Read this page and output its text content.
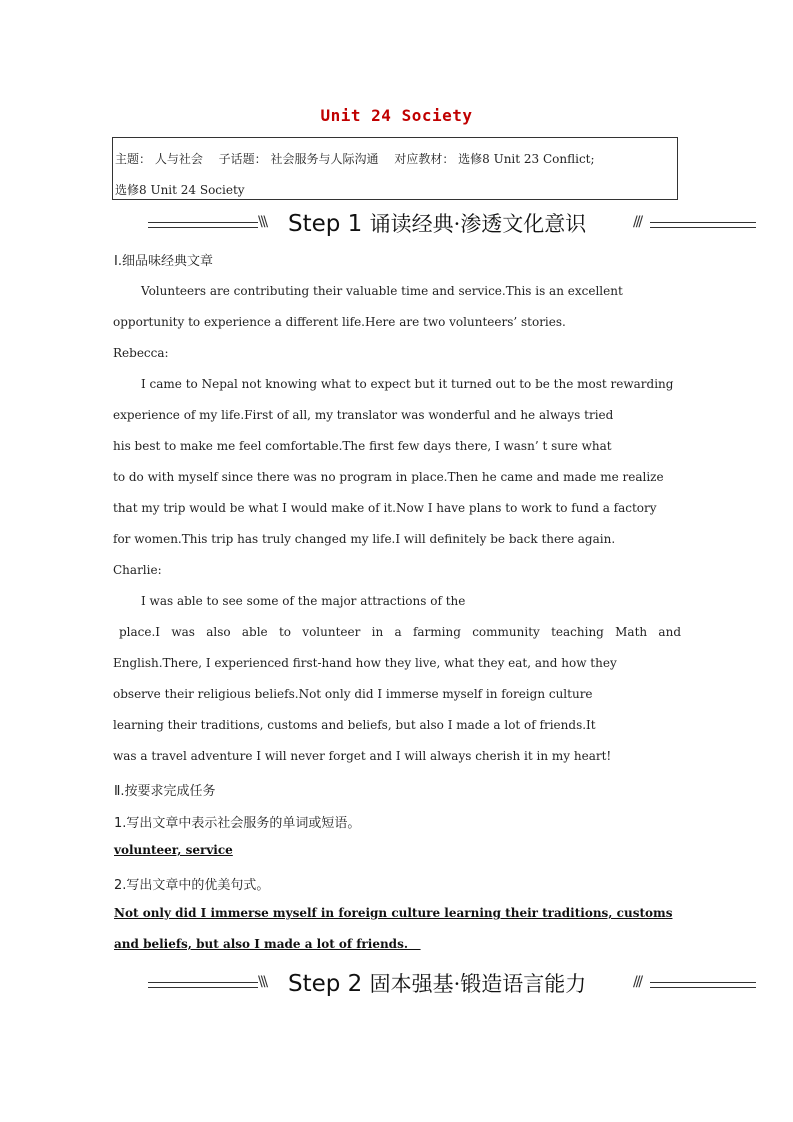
Unit 24 Society
主题： 人与社会 子话题： 社会服务与人际沟通 对应教材： 选修8 Unit 23 Conflict;
选修8 Unit 24 Society
\\\ Step 1 诵读经典·渗透文化意识	///
Ⅰ.细品味经典文章
Volunteers are contributing their valuable time and service.This is an excellent
opportunity to experience a different life.Here are two volunteers’ stories.
Rebecca:
I came to Nepal not knowing what to expect but it turned out to be the most rewarding
experience of my life.First of all, my translator was wonderful and he always tried
his best to make me feel comfortable.The first few days there, I wasn’ t sure what
to do with myself since there was no program in place.Then he came and made me realize
that my trip would be what I would make of it.Now I have plans to work to fund a factory
for women.This trip has truly changed my life.I will definitely be back there again.
Charlie:
I was able to see some of the major attractions of the
place.I was also able to volunteer in a farming community teaching Math and
English.There, I experienced first-hand how they live, what they eat, and how they
observe their religious beliefs.Not only did I immerse myself in foreign culture
learning their traditions, customs and beliefs, but also I made a lot of friends.It
was a travel adventure I will never forget and I will always cherish it in my heart!
Ⅱ.按要求完成任务
1.写出文章中表示社会服务的单词或短语。
volunteer, service
2.写出文章中的优美句式。
Not only did I immerse myself in foreign culture learning their traditions, customs
and beliefs, but also I made a lot of friends.
\\\ Step 2 固本强基·锻造语言能力	///
